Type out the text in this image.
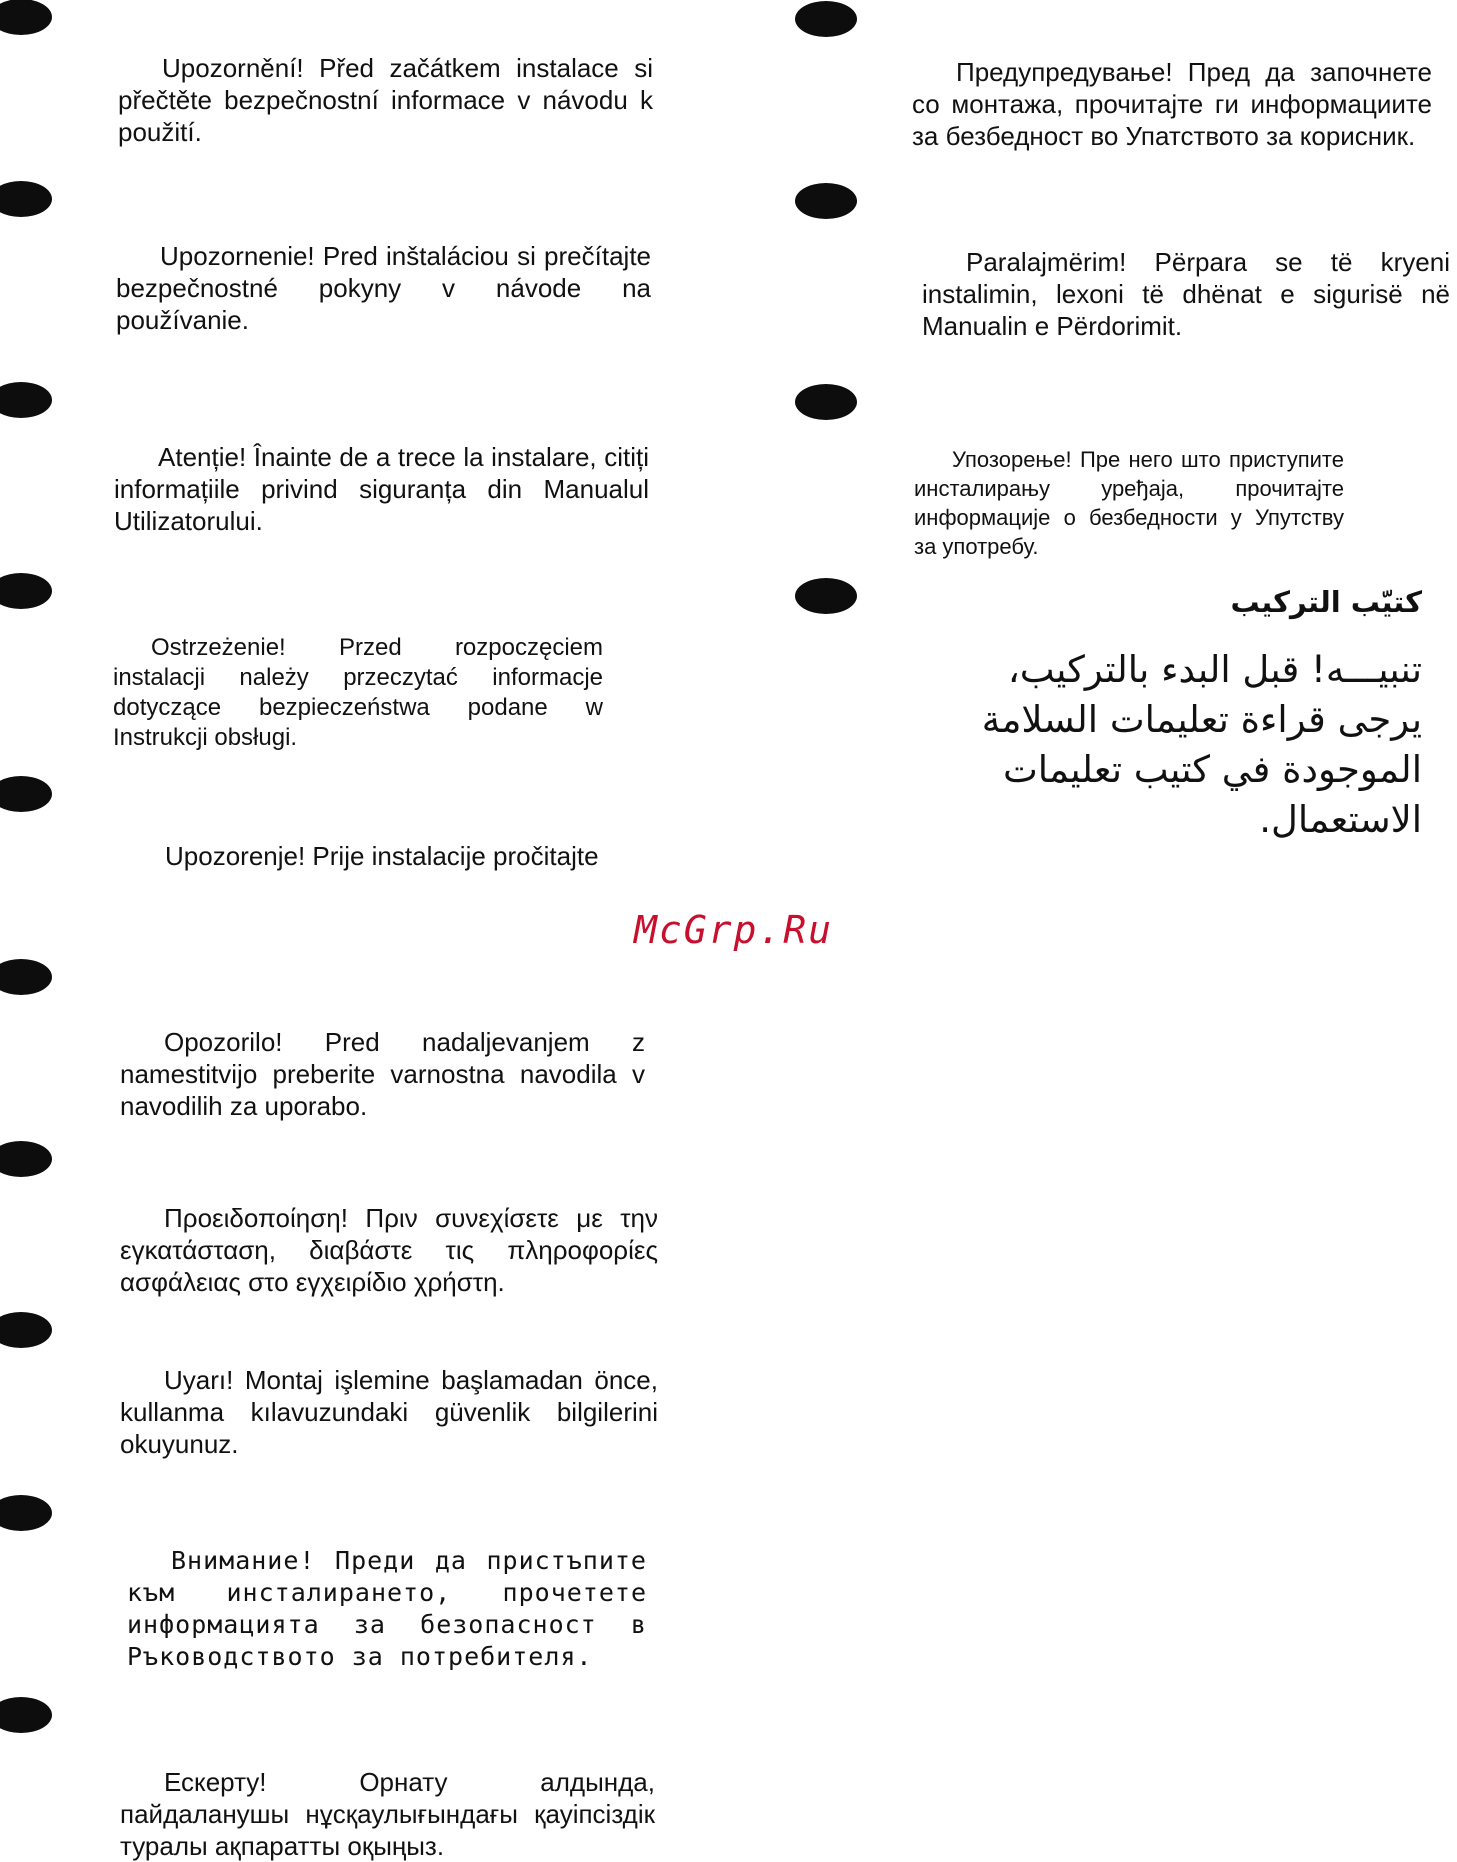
Upozornění! Před začátkem instalace si přečtěte bezpečnostní informace v návodu k použití.
Upozornenie! Pred inštaláciou si prečítajte bezpečnostné pokyny v návode na používanie.
Atenție! Înainte de a trece la instalare, citiți informațiile privind siguranța din Manualul Utilizatorului.
Ostrzeżenie! Przed rozpoczęciem instalacji należy przeczytać informacje dotyczące bezpieczeństwa podane w Instrukcji obsługi.
Upozorenje! Prije instalacije pročitajte
Opozorilo! Pred nadaljevanjem z namestitvijo preberite varnostna navodila v navodilih za uporabo.
Προειδοποίηση! Πριν συνεχίσετε με την εγκατάσταση, διαβάστε τις πληροφορίες ασφάλειας στο εγχειρίδιο χρήστη.
Uyarı! Montaj işlemine başlamadan önce, kullanma kılavuzundaki güvenlik bilgilerini okuyunuz.
Внимание! Преди да пристъпите към инсталирането, прочетете информацията за безопасност в Ръководството за потребителя.
Ескерту! Орнату алдында, пайдаланушы нұсқаулығындағы қауіпсіздік туралы ақпаратты оқыңыз.
Предупредување! Пред да започнете со монтажа, прочитајте ги информациите за безбедност во Упатството за корисник.
Paralajmërim! Përpara se të kryeni instalimin, lexoni të dhënat e sigurisë në Manualin e Përdorimit.
Упозорење! Пре него што приступите инсталирању уређаја, прочитајте информације о безбедности у Упутству за употребу.
كتيّب التركيب
تنبيـــه! قبل البدء بالتركيب، يرجى قراءة تعليمات السلامة الموجودة في كتيب تعليمات الاستعمال.
McGrp.Ru
